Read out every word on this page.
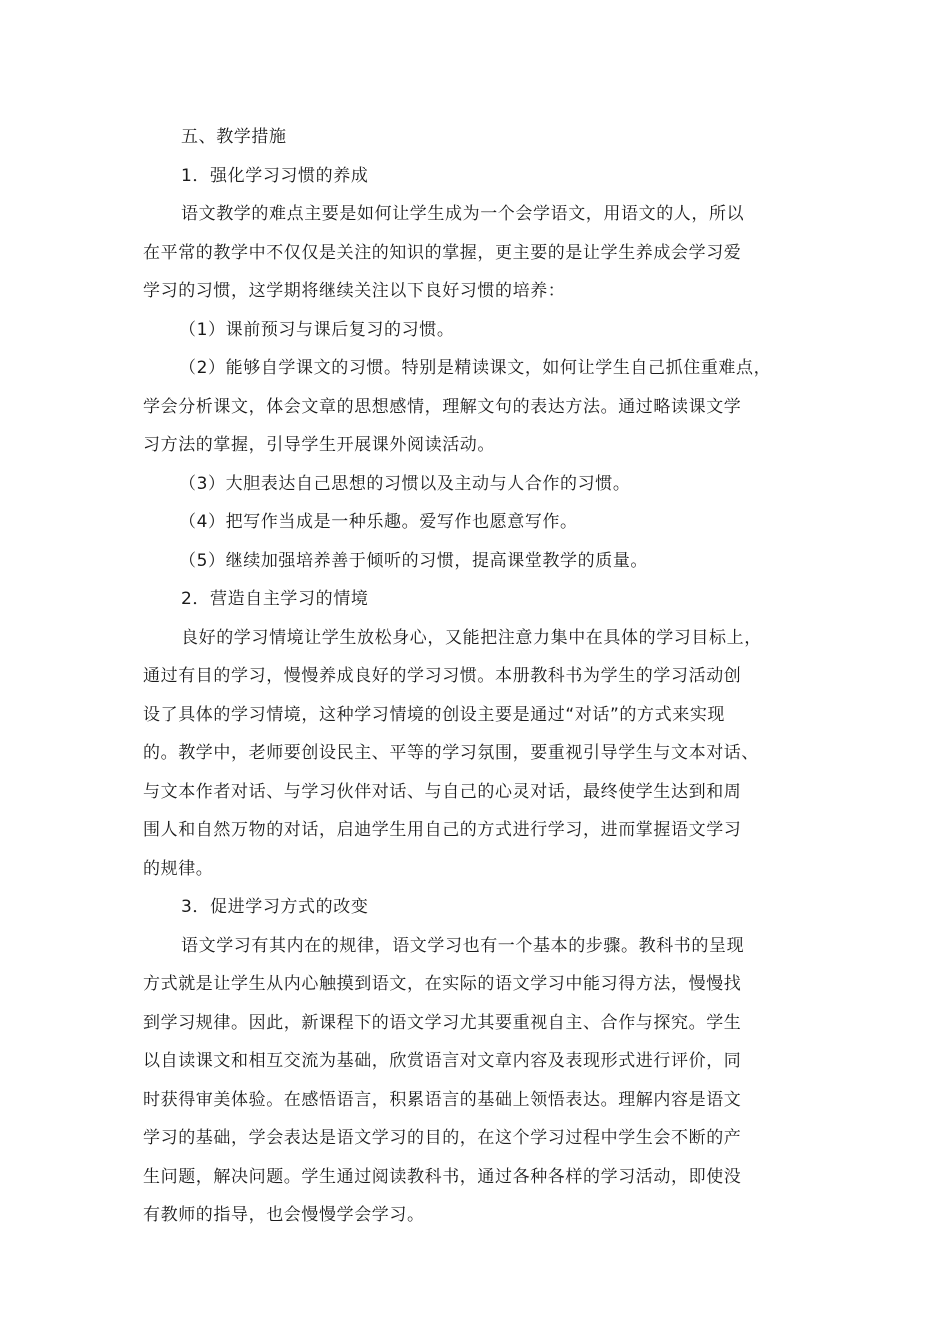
五、教学措施
1．强化学习习惯的养成
语文教学的难点主要是如何让学生成为一个会学语文，用语文的人，所以
在平常的教学中不仅仅是关注的知识的掌握，更主要的是让学生养成会学习爱
学习的习惯，这学期将继续关注以下良好习惯的培养：
（1）课前预习与课后复习的习惯。
（2）能够自学课文的习惯。特别是精读课文，如何让学生自己抓住重难点，
学会分析课文，体会文章的思想感情，理解文句的表达方法。通过略读课文学
习方法的掌握，引导学生开展课外阅读活动。
（3）大胆表达自己思想的习惯以及主动与人合作的习惯。
（4）把写作当成是一种乐趣。爱写作也愿意写作。
（5）继续加强培养善于倾听的习惯，提高课堂教学的质量。
2．营造自主学习的情境
良好的学习情境让学生放松身心，又能把注意力集中在具体的学习目标上，
通过有目的学习，慢慢养成良好的学习习惯。本册教科书为学生的学习活动创
设了具体的学习情境，这种学习情境的创设主要是通过“对话”的方式来实现
的。教学中，老师要创设民主、平等的学习氛围，要重视引导学生与文本对话、
与文本作者对话、与学习伙伴对话、与自己的心灵对话，最终使学生达到和周
围人和自然万物的对话，启迪学生用自己的方式进行学习，进而掌握语文学习
的规律。
3．促进学习方式的改变
语文学习有其内在的规律，语文学习也有一个基本的步骤。教科书的呈现
方式就是让学生从内心触摸到语文，在实际的语文学习中能习得方法，慢慢找
到学习规律。因此，新课程下的语文学习尤其要重视自主、合作与探究。学生
以自读课文和相互交流为基础，欣赏语言对文章内容及表现形式进行评价，同
时获得审美体验。在感悟语言，积累语言的基础上领悟表达。理解内容是语文
学习的基础，学会表达是语文学习的目的，在这个学习过程中学生会不断的产
生问题，解决问题。学生通过阅读教科书，通过各种各样的学习活动，即使没
有教师的指导，也会慢慢学会学习。
